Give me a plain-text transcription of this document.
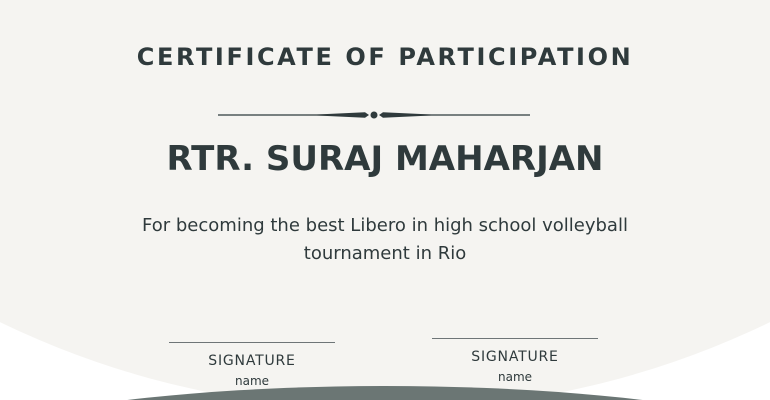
CERTIFICATE OF PARTICIPATION
RTR. SURAJ MAHARJAN
For becoming the best Libero in high school volleyball tournament in Rio
SIGNATURE
name
SIGNATURE
name
